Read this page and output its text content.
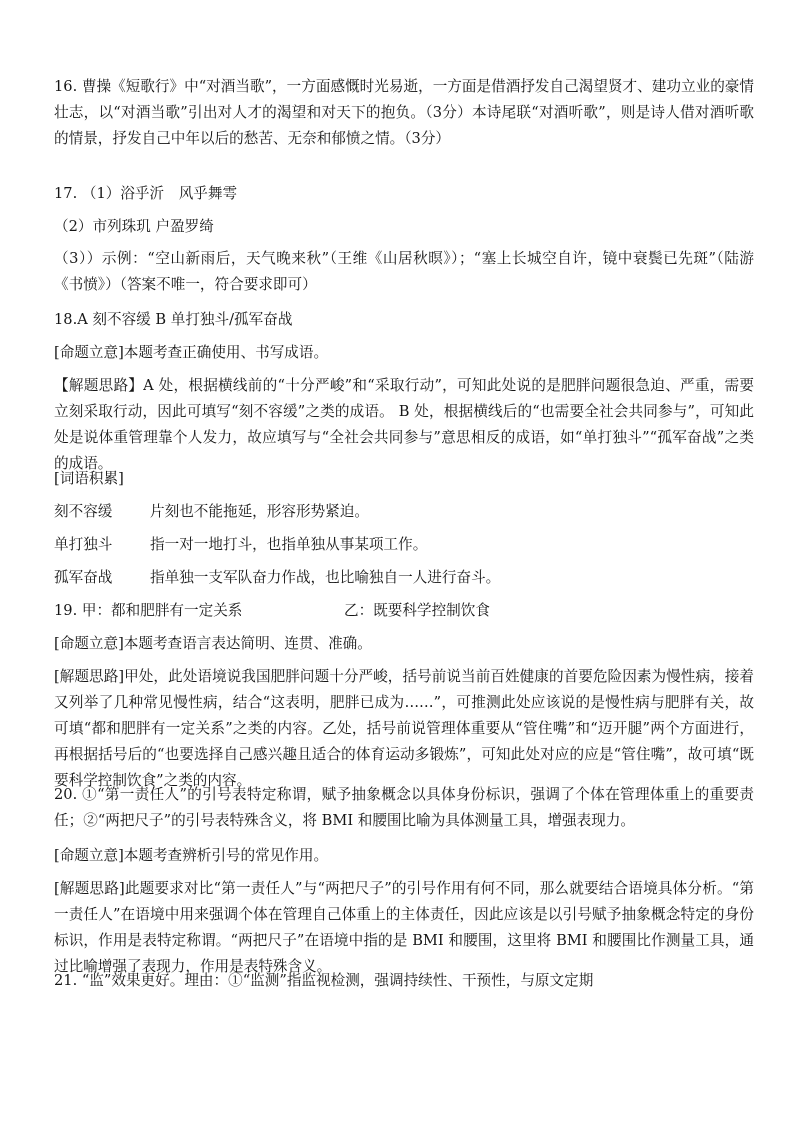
16. 曹操《短歌行》中“对酒当歌”，一方面感慨时光易逝，一方面是借酒抒发自己渴望贤才、建功立业的豪情壮志，以“对酒当歌”引出对人才的渴望和对天下的抱负。（3分）本诗尾联“对酒听歌”，则是诗人借对酒听歌的情景，抒发自己中年以后的愁苦、无奈和郁愤之情。（3分）

17. （1）浴乎沂　风乎舞雩

（2）市列珠玑 户盈罗绮

（3））示例：“空山新雨后，天气晚来秋”（王维《山居秋暝》）；“塞上长城空自许，镜中衰鬓已先斑”（陆游《书愤》）（答案不唯一，符合要求即可）

18.A 刻不容缓 B 单打独斗/孤军奋战

[命题立意]本题考查正确使用、书写成语。

【解题思路】A 处，根据横线前的“十分严峻”和“采取行动”，可知此处说的是肥胖问题很急迫、严重，需要立刻采取行动，因此可填写“刻不容缓”之类的成语。 B 处，根据横线后的“也需要全社会共同参与”，可知此处是说体重管理靠个人发力，故应填写与“全社会共同参与”意思相反的成语，如“单打独斗”“孤军奋战”之类的成语。

[词语积累]

刻不容缓	片刻也不能拖延，形容形势紧迫。
单打独斗	指一对一地打斗，也指单独从事某项工作。
孤军奋战	指单独一支军队奋力作战，也比喻独自一人进行奋斗。

19. 甲：都和肥胖有一定关系	乙：既要科学控制饮食

[命题立意]本题考查语言表达简明、连贯、准确。

[解题思路]甲处，此处语境说我国肥胖问题十分严峻，括号前说当前百姓健康的首要危险因素为慢性病，接着又列举了几种常见慢性病，结合“这表明，肥胖已成为……”，可推测此处应该说的是慢性病与肥胖有关，故可填“都和肥胖有一定关系”之类的内容。乙处，括号前说管理体重要从“管住嘴”和“迈开腿”两个方面进行，再根据括号后的“也要选择自己感兴趣且适合的体育运动多锻炼”，可知此处对应的应是“管住嘴”，故可填“既要科学控制饮食”之类的内容。

20. ①“第一责任人”的引号表特定称谓，赋予抽象概念以具体身份标识，强调了个体在管理体重上的重要责任；②“两把尺子”的引号表特殊含义，将 BMI 和腰围比喻为具体测量工具，增强表现力。

[命题立意]本题考查辨析引号的常见作用。

[解题思路]此题要求对比“第一责任人”与“两把尺子”的引号作用有何不同，那么就要结合语境具体分析。“第一责任人”在语境中用来强调个体在管理自己体重上的主体责任，因此应该是以引号赋予抽象概念特定的身份标识，作用是表特定称谓。“两把尺子”在语境中指的是 BMI 和腰围，这里将 BMI 和腰围比作测量工具，通过比喻增强了表现力，作用是表特殊含义。

21. “监”效果更好。理由：①“监测”指监视检测，强调持续性、干预性，与原文定期
